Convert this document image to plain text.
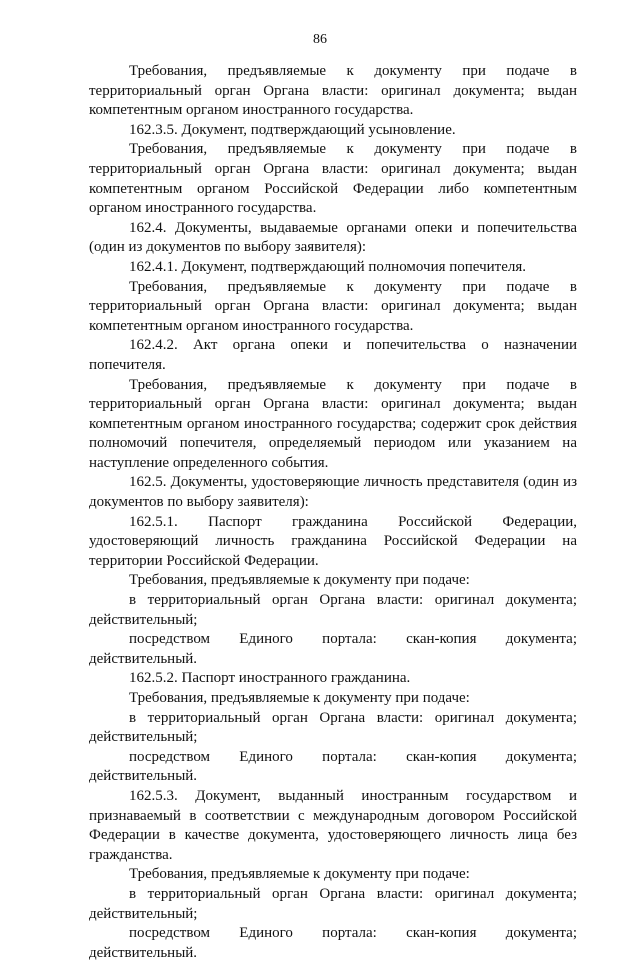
86

Требования, предъявляемые к документу при подаче в территориальный орган Органа власти: оригинал документа; выдан компетентным органом иностранного государства.

162.3.5. Документ, подтверждающий усыновление.

Требования, предъявляемые к документу при подаче в территориальный орган Органа власти: оригинал документа; выдан компетентным органом Российской Федерации либо компетентным органом иностранного государства.

162.4. Документы, выдаваемые органами опеки и попечительства (один из документов по выбору заявителя):

162.4.1. Документ, подтверждающий полномочия попечителя.

Требования, предъявляемые к документу при подаче в территориальный орган Органа власти: оригинал документа; выдан компетентным органом иностранного государства.

162.4.2. Акт органа опеки и попечительства о назначении попечителя.

Требования, предъявляемые к документу при подаче в территориальный орган Органа власти: оригинал документа; выдан компетентным органом иностранного государства; содержит срок действия полномочий попечителя, определяемый периодом или указанием на наступление определенного события.

162.5. Документы, удостоверяющие личность представителя (один из документов по выбору заявителя):

162.5.1. Паспорт гражданина Российской Федерации, удостоверяющий личность гражданина Российской Федерации на территории Российской Федерации.

Требования, предъявляемые к документу при подаче:

в территориальный орган Органа власти: оригинал документа; действительный;

посредством Единого портала: скан-копия документа; действительный.

162.5.2. Паспорт иностранного гражданина.

Требования, предъявляемые к документу при подаче:

в территориальный орган Органа власти: оригинал документа; действительный;

посредством Единого портала: скан-копия документа; действительный.

162.5.3. Документ, выданный иностранным государством и признаваемый в соответствии с международным договором Российской Федерации в качестве документа, удостоверяющего личность лица без гражданства.

Требования, предъявляемые к документу при подаче:

в территориальный орган Органа власти: оригинал документа; действительный;

посредством Единого портала: скан-копия документа; действительный.
